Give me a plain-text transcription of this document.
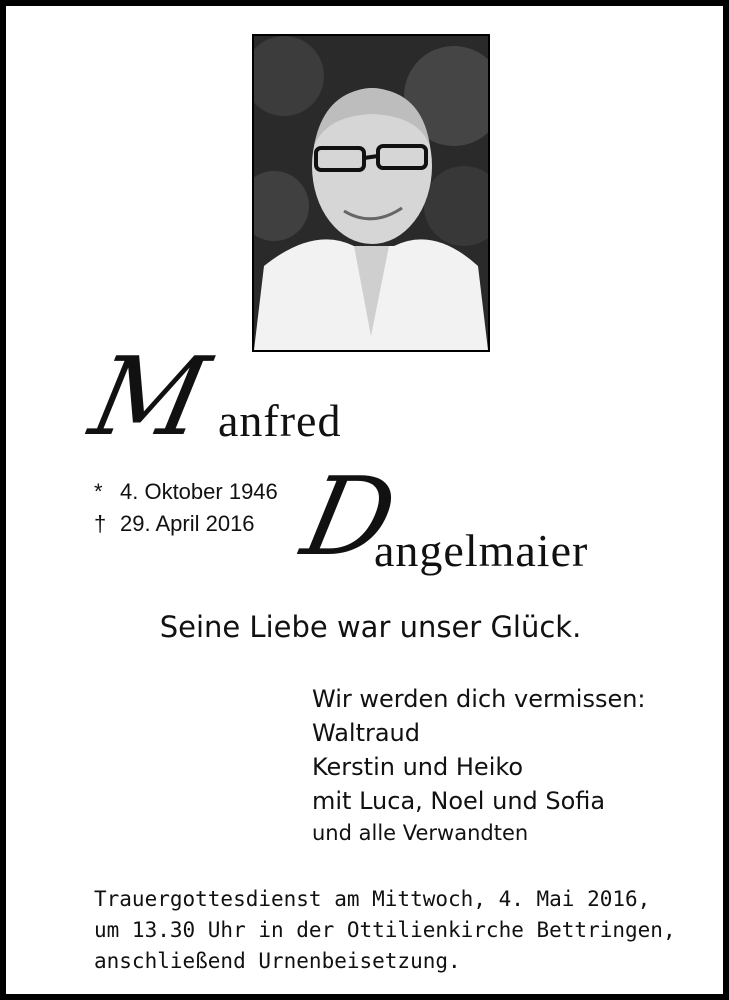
M anfred
* 4. Oktober 1946
† 29. April 2016 D
angelmaier
Seine Liebe war unser Glück.
Wir werden dich vermissen:
Waltraud
Kerstin und Heiko
mit Luca, Noel und Sofia
und alle Verwandten
Trauergottesdienst am Mittwoch, 4. Mai 2016,
um 13.30 Uhr in der Ottilienkirche Bettringen,
anschließend Urnenbeisetzung.
